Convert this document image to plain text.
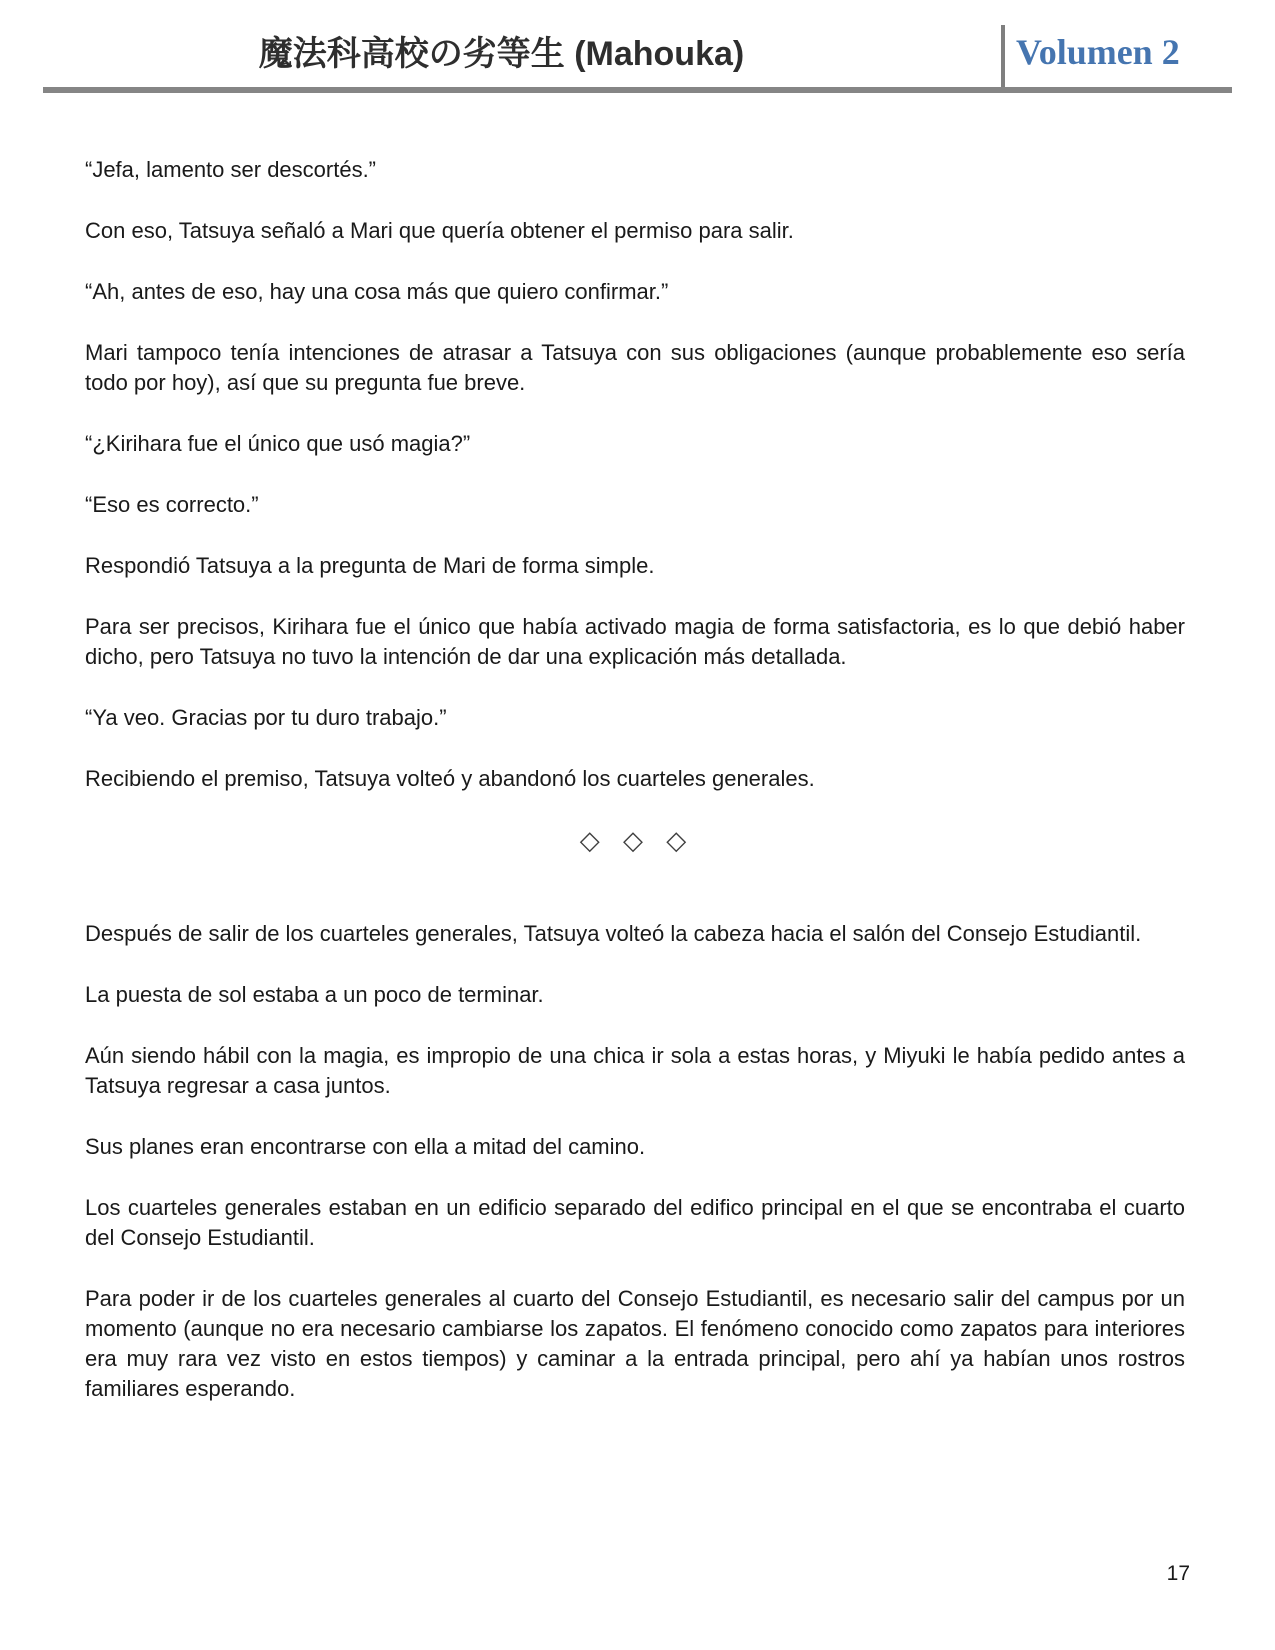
魔法科高校の劣等生 (Mahouka)	Volumen 2

“Jefa, lamento ser descortés.”

Con eso, Tatsuya señaló a Mari que quería obtener el permiso para salir.

“Ah, antes de eso, hay una cosa más que quiero confirmar.”

Mari tampoco tenía intenciones de atrasar a Tatsuya con sus obligaciones (aunque probablemente eso sería todo por hoy), así que su pregunta fue breve.

“¿Kirihara fue el único que usó magia?”

“Eso es correcto.”

Respondió Tatsuya a la pregunta de Mari de forma simple.

Para ser precisos, Kirihara fue el único que había activado magia de forma satisfactoria, es lo que debió haber dicho, pero Tatsuya no tuvo la intención de dar una explicación más detallada.

“Ya veo. Gracias por tu duro trabajo.”

Recibiendo el premiso, Tatsuya volteó y abandonó los cuarteles generales.

◇ ◇ ◇

Después de salir de los cuarteles generales, Tatsuya volteó la cabeza hacia el salón del Consejo Estudiantil.

La puesta de sol estaba a un poco de terminar.

Aún siendo hábil con la magia, es impropio de una chica ir sola a estas horas, y Miyuki le había pedido antes a Tatsuya regresar a casa juntos.

Sus planes eran encontrarse con ella a mitad del camino.

Los cuarteles generales estaban en un edificio separado del edifico principal en el que se encontraba el cuarto del Consejo Estudiantil.

Para poder ir de los cuarteles generales al cuarto del Consejo Estudiantil, es necesario salir del campus por un momento (aunque no era necesario cambiarse los zapatos. El fenómeno conocido como zapatos para interiores era muy rara vez visto en estos tiempos) y caminar a la entrada principal, pero ahí ya habían unos rostros familiares esperando.

17
